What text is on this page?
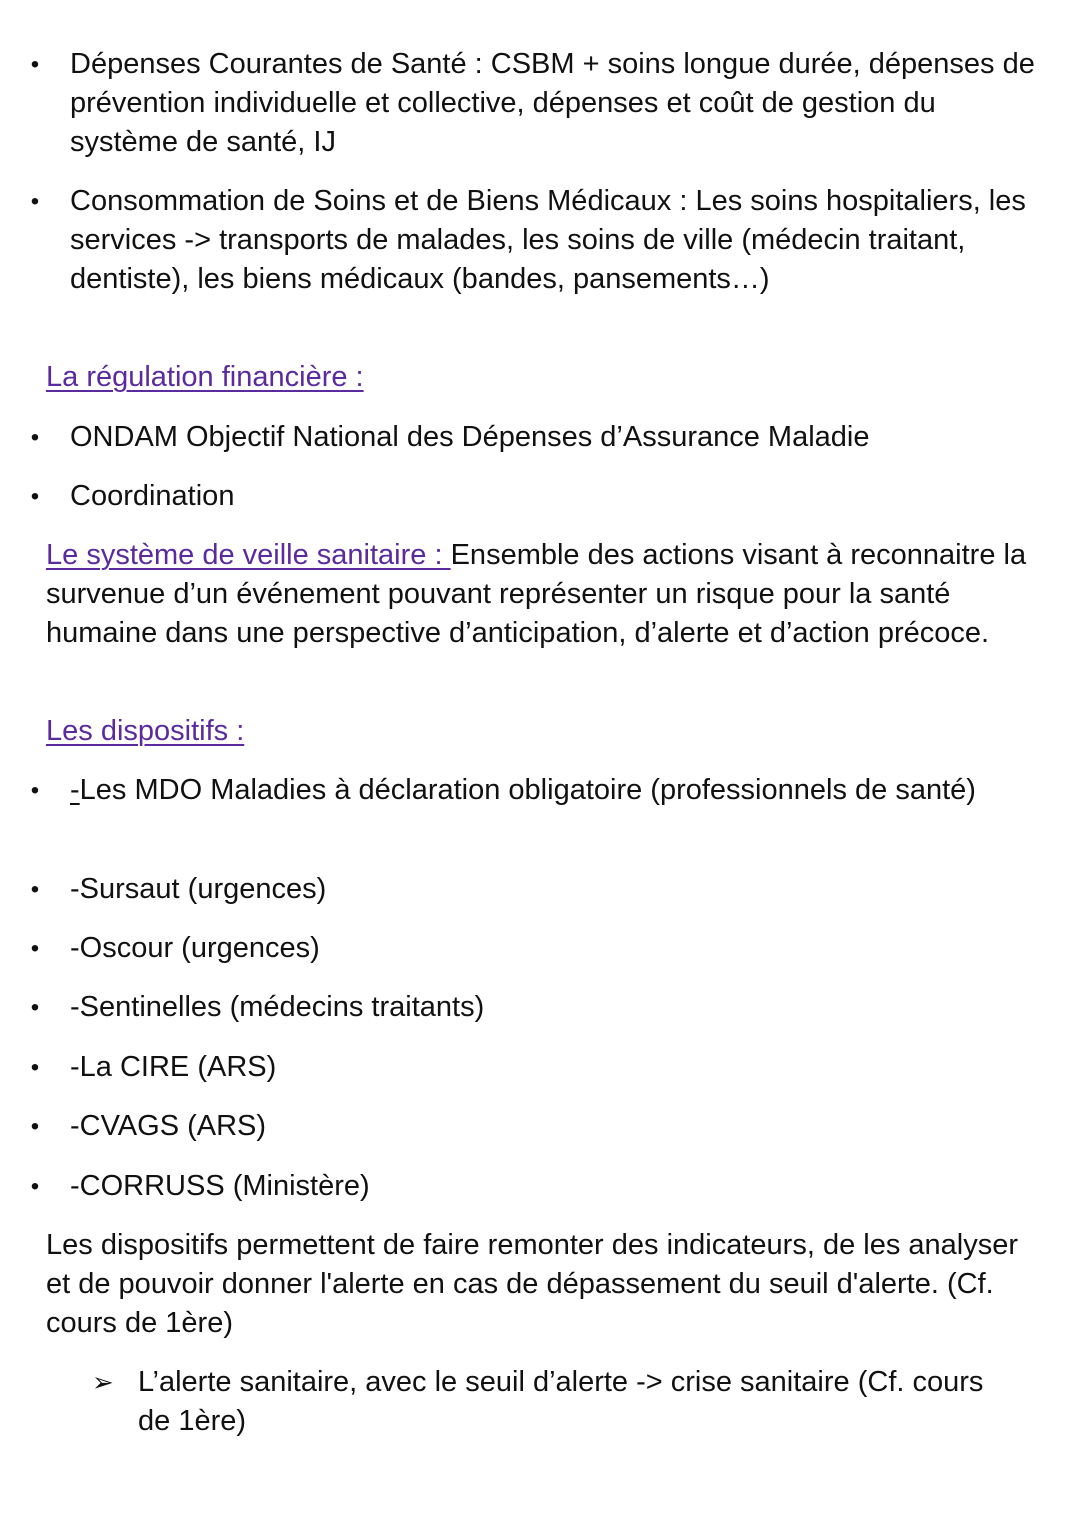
• Dépenses Courantes de Santé : CSBM + soins longue durée, dépenses de prévention individuelle et collective, dépenses et coût de gestion du système de santé, IJ
• Consommation de Soins et de Biens Médicaux : Les soins hospitaliers, les services -> transports de malades, les soins de ville (médecin traitant, dentiste), les biens médicaux (bandes, pansements…)
La régulation financière :
• ONDAM Objectif National des Dépenses d’Assurance Maladie
• Coordination
Le système de veille sanitaire : Ensemble des actions visant à reconnaitre la survenue d’un événement pouvant représenter un risque pour la santé humaine dans une perspective d’anticipation, d’alerte et d’action précoce.
Les dispositifs :
• -Les MDO Maladies à déclaration obligatoire (professionnels de santé)
• -Sursaut (urgences)
• -Oscour (urgences)
• -Sentinelles (médecins traitants)
• -La CIRE (ARS)
• -CVAGS (ARS)
• -CORRUSS (Ministère)
Les dispositifs permettent de faire remonter des indicateurs, de les analyser et de pouvoir donner l'alerte en cas de dépassement du seuil d'alerte. (Cf. cours de 1ère)
➢ L’alerte sanitaire, avec le seuil d’alerte -> crise sanitaire (Cf. cours de 1ère)
